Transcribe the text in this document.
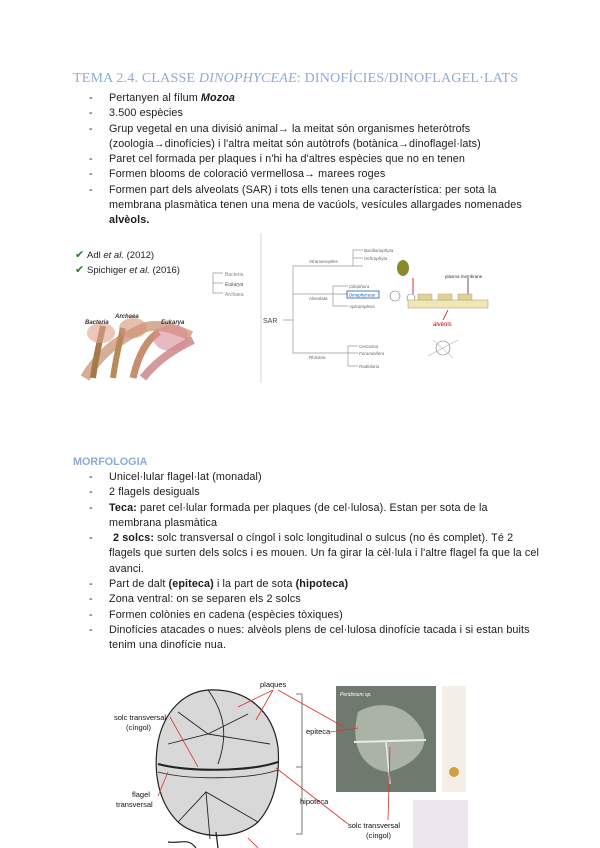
TEMA 2.4. CLASSE DINOPHYCEAE: DINOFÍCIES/DINOFLAGEL·LATS
- Pertanyen al fílum Mozoa
- 3.500 espècies
- Grup vegetal en una divisió animal→ la meitat són organismes heteròtrofs (zoologia→dinofícies) i l'altra meitat són autòtrofs (botànica→dinoflagel·lats)
- Paret cel formada per plaques i n'hi ha d'altres espècies que no en tenen
- Formen blooms de coloració vermellosa→ marees roges
- Formen part dels alveolats (SAR) i tots ells tenen una característica: per sota la membrana plasmàtica tenen una mena de vacúols, vesícules allargades nomenades alvèols.
✔ Adl et al. (2012)
✔ Spichiger et al. (2016)
Bacteria
Archaea
Eukarya
Bacteria
Eukarya
Archaea
SAR
Stramenopiles
Alveolata
Rhizaria
Bacillariophyta
Ochrophyta
Ciliophora
Dinophyceae
Apicomplexa
Cercozoa
Foraminifera
Radiolaria
plasma membrane
alvèols
MORFOLOGIA
- Unicel·lular flagel·lat (monadal)
- 2 flagels desiguals
- Teca: paret cel·lular formada per plaques (de cel·lulosa). Estan per sota de la membrana plasmàtica
- 2 solcs: solc transversal o cíngol i solc longitudinal o sulcus (no és complet). Té 2 flagels que surten dels solcs i es mouen. Un fa girar la cèl·lula i l'altre flagel fa que la cel avanci.
- Part de dalt (epiteca) i la part de sota (hipoteca)
- Zona ventral: on se separen els 2 solcs
- Formen colònies en cadena (espècies tòxiques)
- Dinofícies atacades o nues: alvèols plens de cel·lulosa dinofície tacada i si estan buits tenim una dinofície nua.
Peridinium sp.
plaques
solc transversal
(cíngol)
flagel
transversal
epiteca
hipoteca
solc transversal
(cíngol)
